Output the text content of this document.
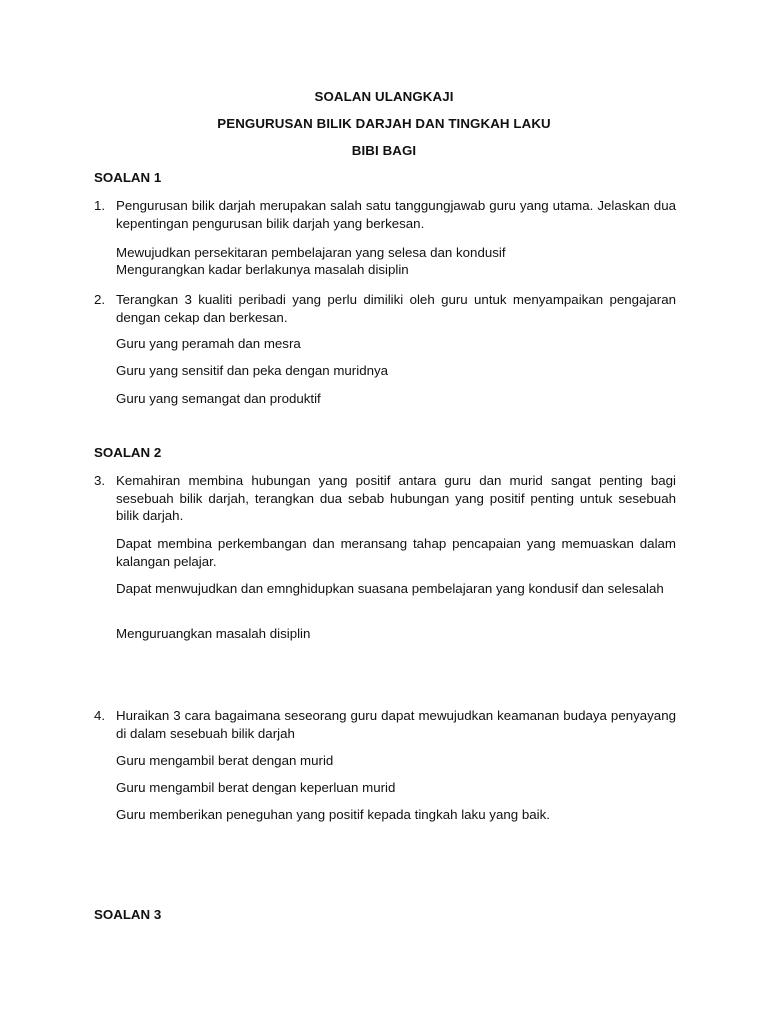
SOALAN ULANGKAJI
PENGURUSAN BILIK DARJAH DAN TINGKAH LAKU
BIBI BAGI
SOALAN 1
1. Pengurusan bilik darjah merupakan salah satu tanggungjawab guru yang utama. Jelaskan dua kepentingan pengurusan bilik darjah yang berkesan.
Mewujudkan persekitaran pembelajaran yang selesa dan kondusif
Mengurangkan kadar berlakunya masalah disiplin
2. Terangkan 3 kualiti peribadi yang perlu dimiliki oleh guru untuk menyampaikan pengajaran dengan cekap dan berkesan.
Guru yang peramah dan mesra
Guru yang sensitif dan peka dengan muridnya
Guru yang semangat dan produktif
SOALAN 2
3. Kemahiran membina hubungan yang positif antara guru dan murid sangat penting bagi sesebuah bilik darjah, terangkan dua sebab hubungan yang positif penting untuk sesebuah bilik darjah.
Dapat membina perkembangan dan meransang tahap pencapaian yang memuaskan dalam kalangan pelajar.
Dapat menwujudkan dan emnghidupkan suasana pembelajaran yang kondusif dan selesalah
Menguruangkan masalah disiplin
4. Huraikan 3 cara bagaimana seseorang guru dapat mewujudkan keamanan budaya penyayang di dalam sesebuah bilik darjah
Guru mengambil berat dengan murid
Guru mengambil berat dengan keperluan murid
Guru memberikan peneguhan yang positif kepada tingkah laku yang baik.
SOALAN 3
